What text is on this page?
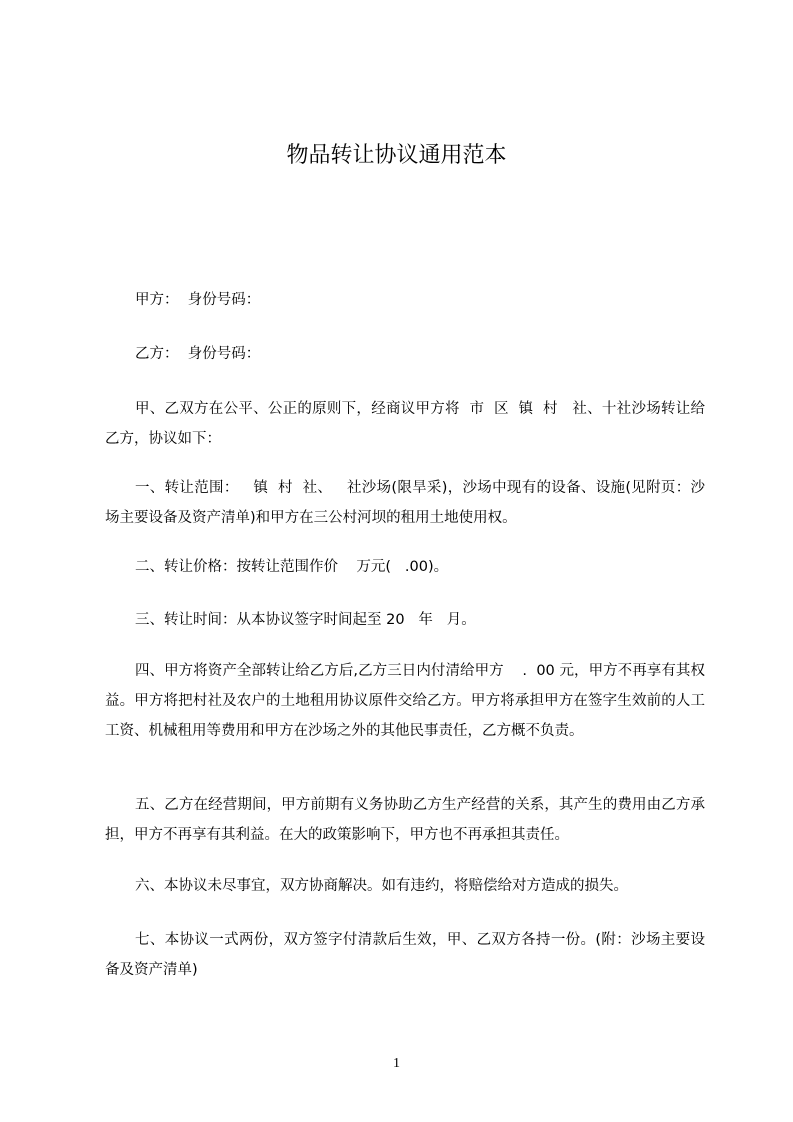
物品转让协议通用范本

甲方：  身份号码：

乙方：  身份号码：

甲、乙双方在公平、公正的原则下，经商议甲方将  市  区  镇  村   社、十社沙场转让给乙方，协议如下：

一、转让范围：   镇  村  社、   社沙场(限旱采)，沙场中现有的设备、设施(见附页：沙场主要设备及资产清单)和甲方在三公村河坝的租用土地使用权。

二、转让价格：按转让范围作价    万元(   .00)。

三、转让时间：从本协议签字时间起至 20   年   月。

四、甲方将资产全部转让给乙方后,乙方三日内付清给甲方    .  00 元，甲方不再享有其权益。甲方将把村社及农户的土地租用协议原件交给乙方。甲方将承担甲方在签字生效前的人工工资、机械租用等费用和甲方在沙场之外的其他民事责任，乙方概不负责。

五、乙方在经营期间，甲方前期有义务协助乙方生产经营的关系，其产生的费用由乙方承担，甲方不再享有其利益。在大的政策影响下，甲方也不再承担其责任。

六、本协议未尽事宜，双方协商解决。如有违约，将赔偿给对方造成的损失。

七、本协议一式两份，双方签字付清款后生效，甲、乙双方各持一份。(附：沙场主要设备及资产清单)

1
